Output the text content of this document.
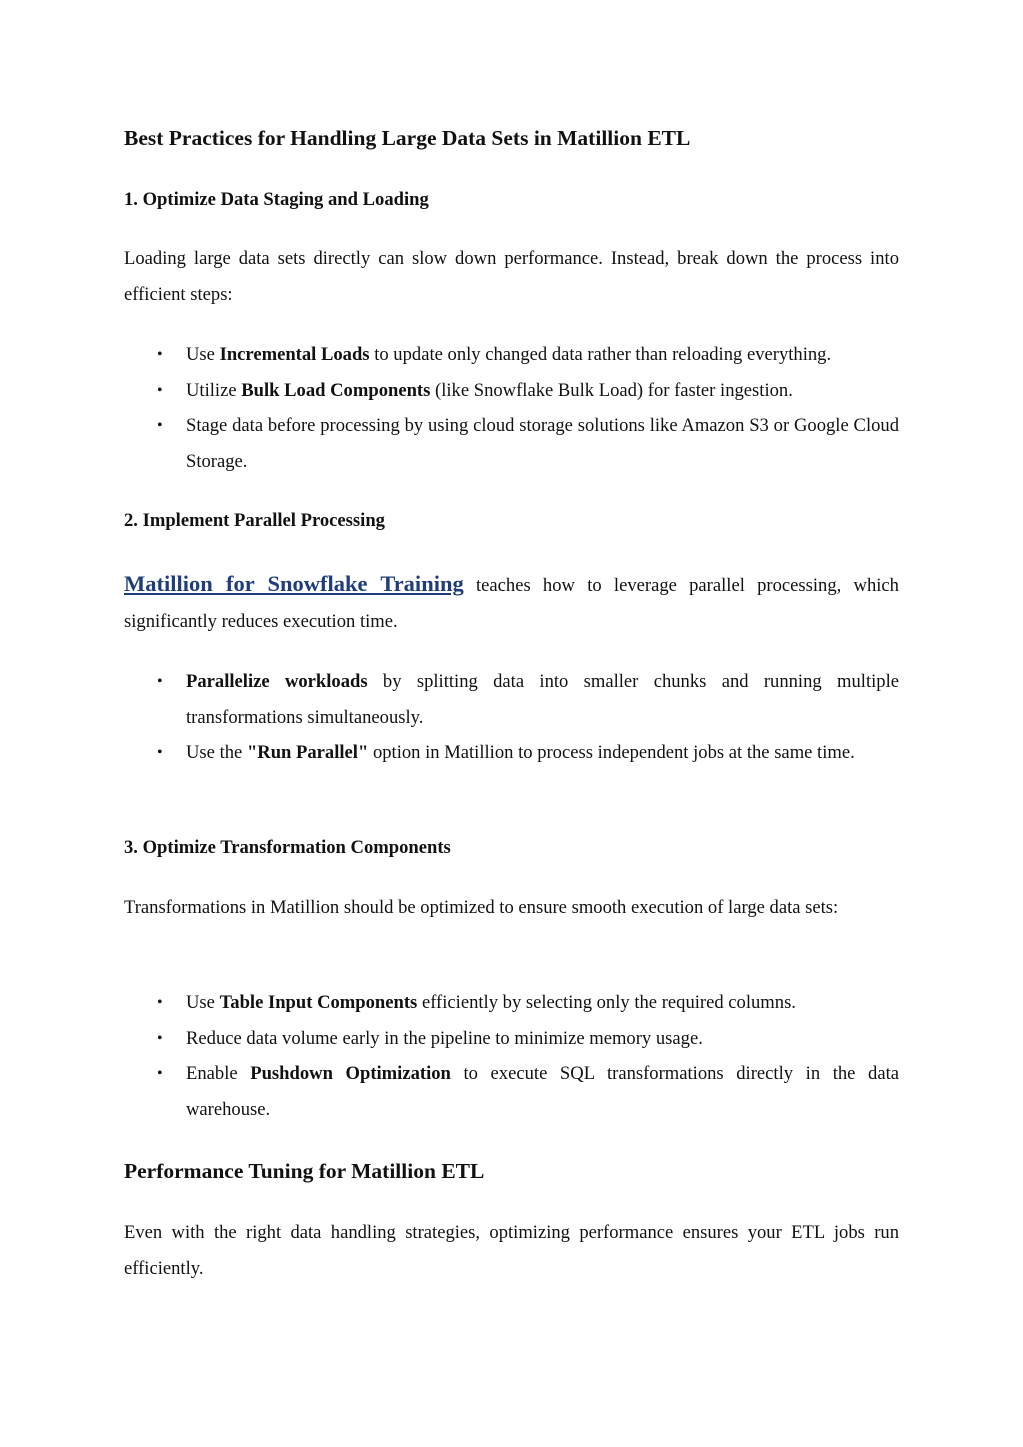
Best Practices for Handling Large Data Sets in Matillion ETL
1. Optimize Data Staging and Loading

Loading large data sets directly can slow down performance. Instead, break down the process into efficient steps:

• Use Incremental Loads to update only changed data rather than reloading everything.
• Utilize Bulk Load Components (like Snowflake Bulk Load) for faster ingestion.
• Stage data before processing by using cloud storage solutions like Amazon S3 or Google Cloud Storage.
2. Implement Parallel Processing

Matillion for Snowflake Training teaches how to leverage parallel processing, which significantly reduces execution time.

• Parallelize workloads by splitting data into smaller chunks and running multiple transformations simultaneously.
• Use the "Run Parallel" option in Matillion to process independent jobs at the same time.
3. Optimize Transformation Components

Transformations in Matillion should be optimized to ensure smooth execution of large data sets:

• Use Table Input Components efficiently by selecting only the required columns.
• Reduce data volume early in the pipeline to minimize memory usage.
• Enable Pushdown Optimization to execute SQL transformations directly in the data warehouse.
Performance Tuning for Matillion ETL

Even with the right data handling strategies, optimizing performance ensures your ETL jobs run efficiently.
